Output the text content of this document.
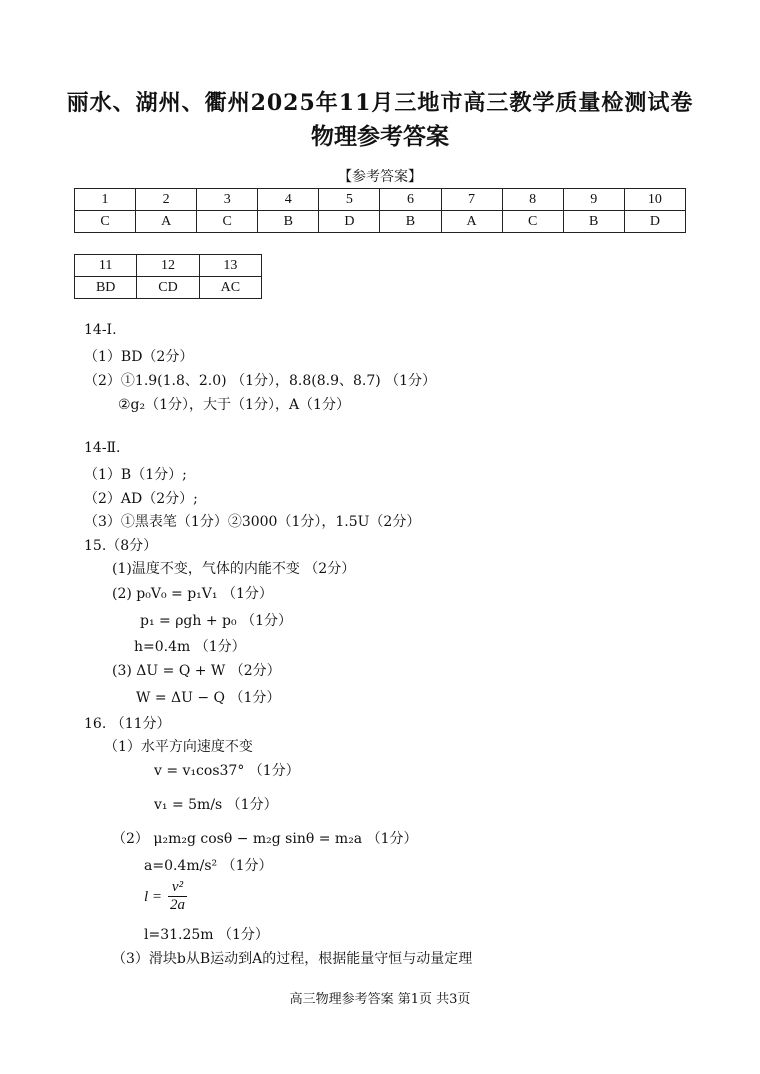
丽水、湖州、衢州2025年11月三地市高三教学质量检测试卷
物理参考答案
【参考答案】
1	2	3	4	5	6	7	8	9	10
C	A	C	B	D	B	A	C	B	D
11	12	13
BD	CD	AC
14-Ⅰ.
（1）BD（2分）
（2）①1.9(1.8、2.0) （1分），8.8(8.9、8.7) （1分）
②g₂（1分），大于（1分），A（1分）
14-Ⅱ.
（1）B（1分）;
（2）AD（2分）;
（3）①黑表笔（1分）②3000（1分），1.5U（2分）
15.（8分）
(1)温度不变，气体的内能不变 （2分）
(2) p₀V₀ = p₁V₁ （1分）
p₁ = ρgh + p₀ （1分）
h=0.4m （1分）
(3) ΔU = Q + W （2分）
W = ΔU − Q （1分）
16. （11分）
（1）水平方向速度不变
v = v₁cos37° （1分）
v₁ = 5m/s （1分）
（2） μ₂m₂g cosθ − m₂g sinθ = m₂a （1分）
a=0.4m/s² （1分）
$l = \frac{\text{v²}}{2a}$
l=31.25m （1分）
（3）滑块b从B运动到A的过程，根据能量守恒与动量定理
高三物理参考答案 第1页 共3页
